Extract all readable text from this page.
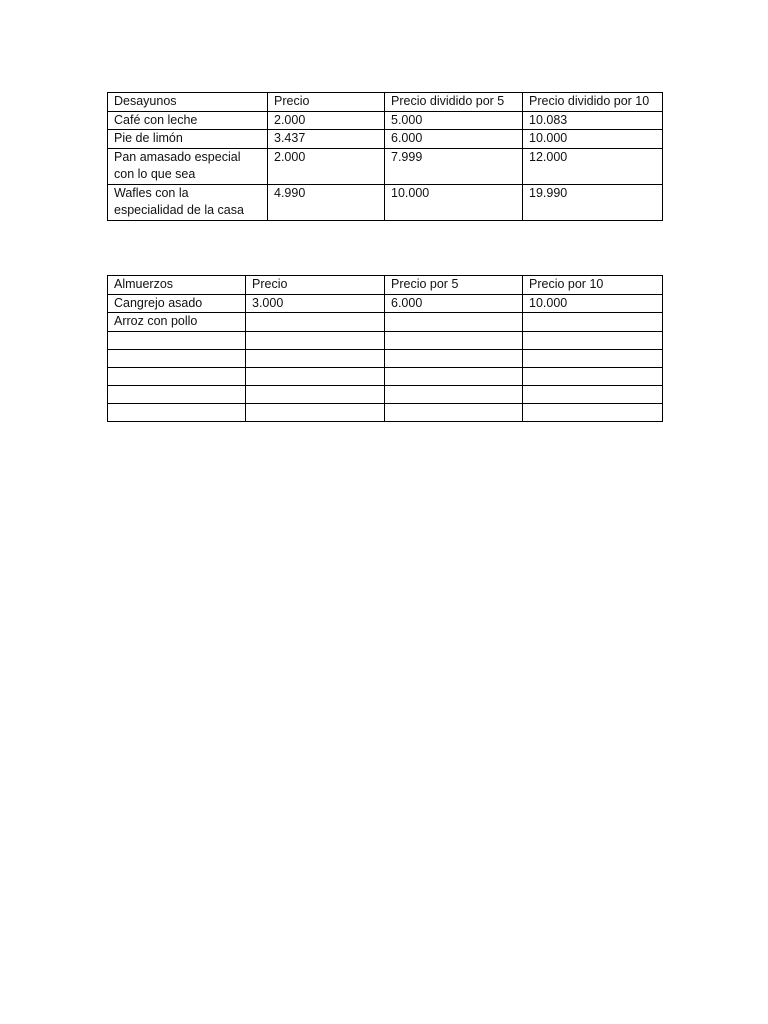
Desayunos	Precio	Precio dividido por 5	Precio dividido por 10
Café con leche	2.000	5.000	10.083
Pie de limón	3.437	6.000	10.000
Pan amasado especial con lo que sea	2.000	7.999	12.000
Wafles con la especialidad de la casa	4.990	10.000	19.990
Almuerzos	Precio	Precio por 5	Precio por 10
Cangrejo asado	3.000	6.000	10.000
Arroz con pollo			
